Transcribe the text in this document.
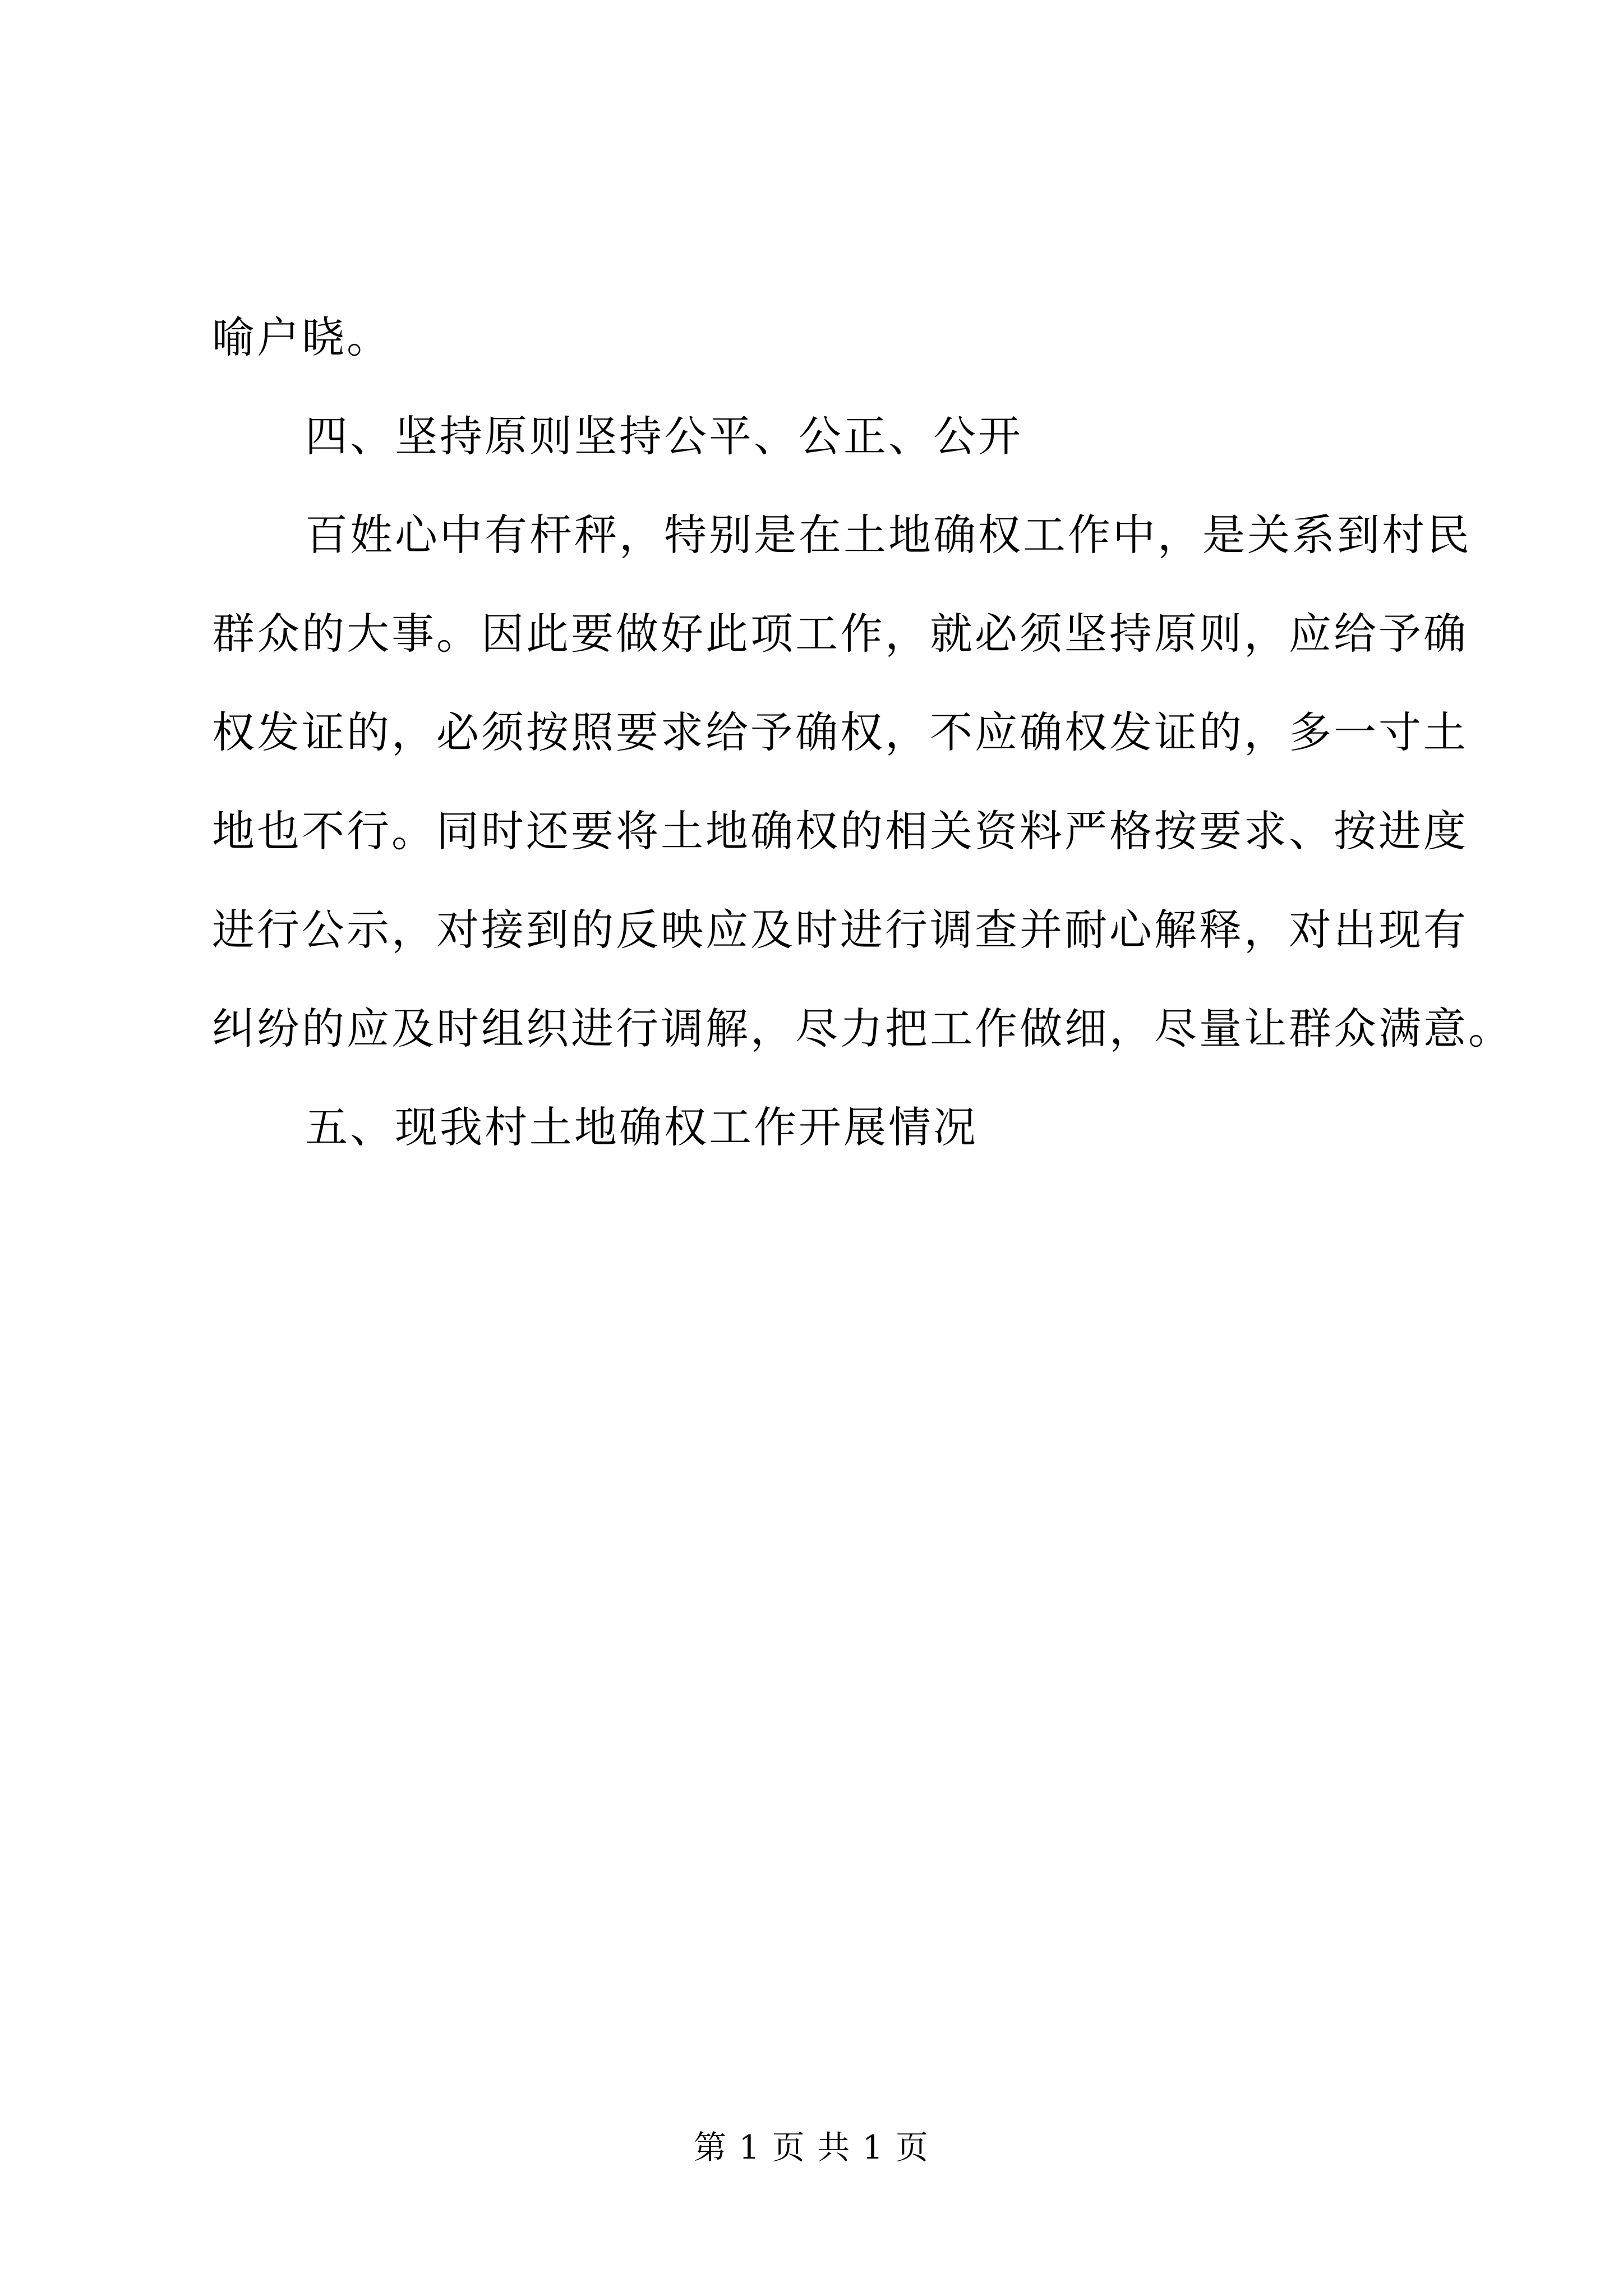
喻户晓。
四、坚持原则坚持公平、公正、公开
百姓心中有杆秤，特别是在土地确权工作中，是关系到村民
群众的大事。因此要做好此项工作，就必须坚持原则，应给予确
权发证的，必须按照要求给予确权，不应确权发证的，多一寸土
地也不行。同时还要将土地确权的相关资料严格按要求、按进度
进行公示，对接到的反映应及时进行调查并耐心解释，对出现有
纠纷的应及时组织进行调解，尽力把工作做细，尽量让群众满意。
五、现我村土地确权工作开展情况
第 1 页 共 1 页
